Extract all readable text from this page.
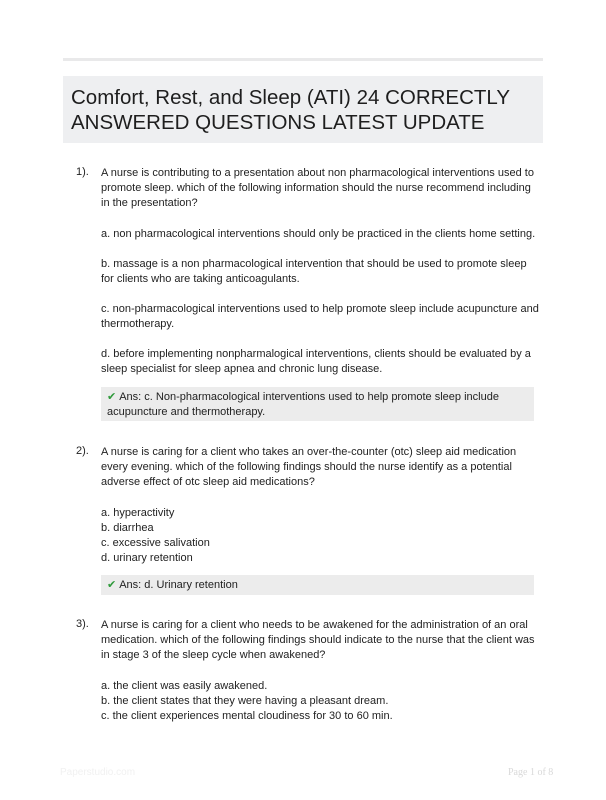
Comfort, Rest, and Sleep (ATI) 24 CORRECTLY ANSWERED QUESTIONS LATEST UPDATE
1). A nurse is contributing to a presentation about non pharmacological interventions used to promote sleep. which of the following information should the nurse recommend including in the presentation?
a. non pharmacological interventions should only be practiced in the clients home setting.
b. massage is a non pharmacological intervention that should be used to promote sleep for clients who are taking anticoagulants.
c. non-pharmacological interventions used to help promote sleep include acupuncture and thermotherapy.
d. before implementing nonpharmalogical interventions, clients should be evaluated by a sleep specialist for sleep apnea and chronic lung disease.
✔ Ans: c. Non-pharmacological interventions used to help promote sleep include acupuncture and thermotherapy.
2). A nurse is caring for a client who takes an over-the-counter (otc) sleep aid medication every evening. which of the following findings should the nurse identify as a potential adverse effect of otc sleep aid medications?
a. hyperactivity
b. diarrhea
c. excessive salivation
d. urinary retention
✔ Ans: d. Urinary retention
3). A nurse is caring for a client who needs to be awakened for the administration of an oral medication. which of the following findings should indicate to the nurse that the client was in stage 3 of the sleep cycle when awakened?
a. the client was easily awakened.
b. the client states that they were having a pleasant dream.
c. the client experiences mental cloudiness for 30 to 60 min.
Paperstudio.com	Page 1 of 8
